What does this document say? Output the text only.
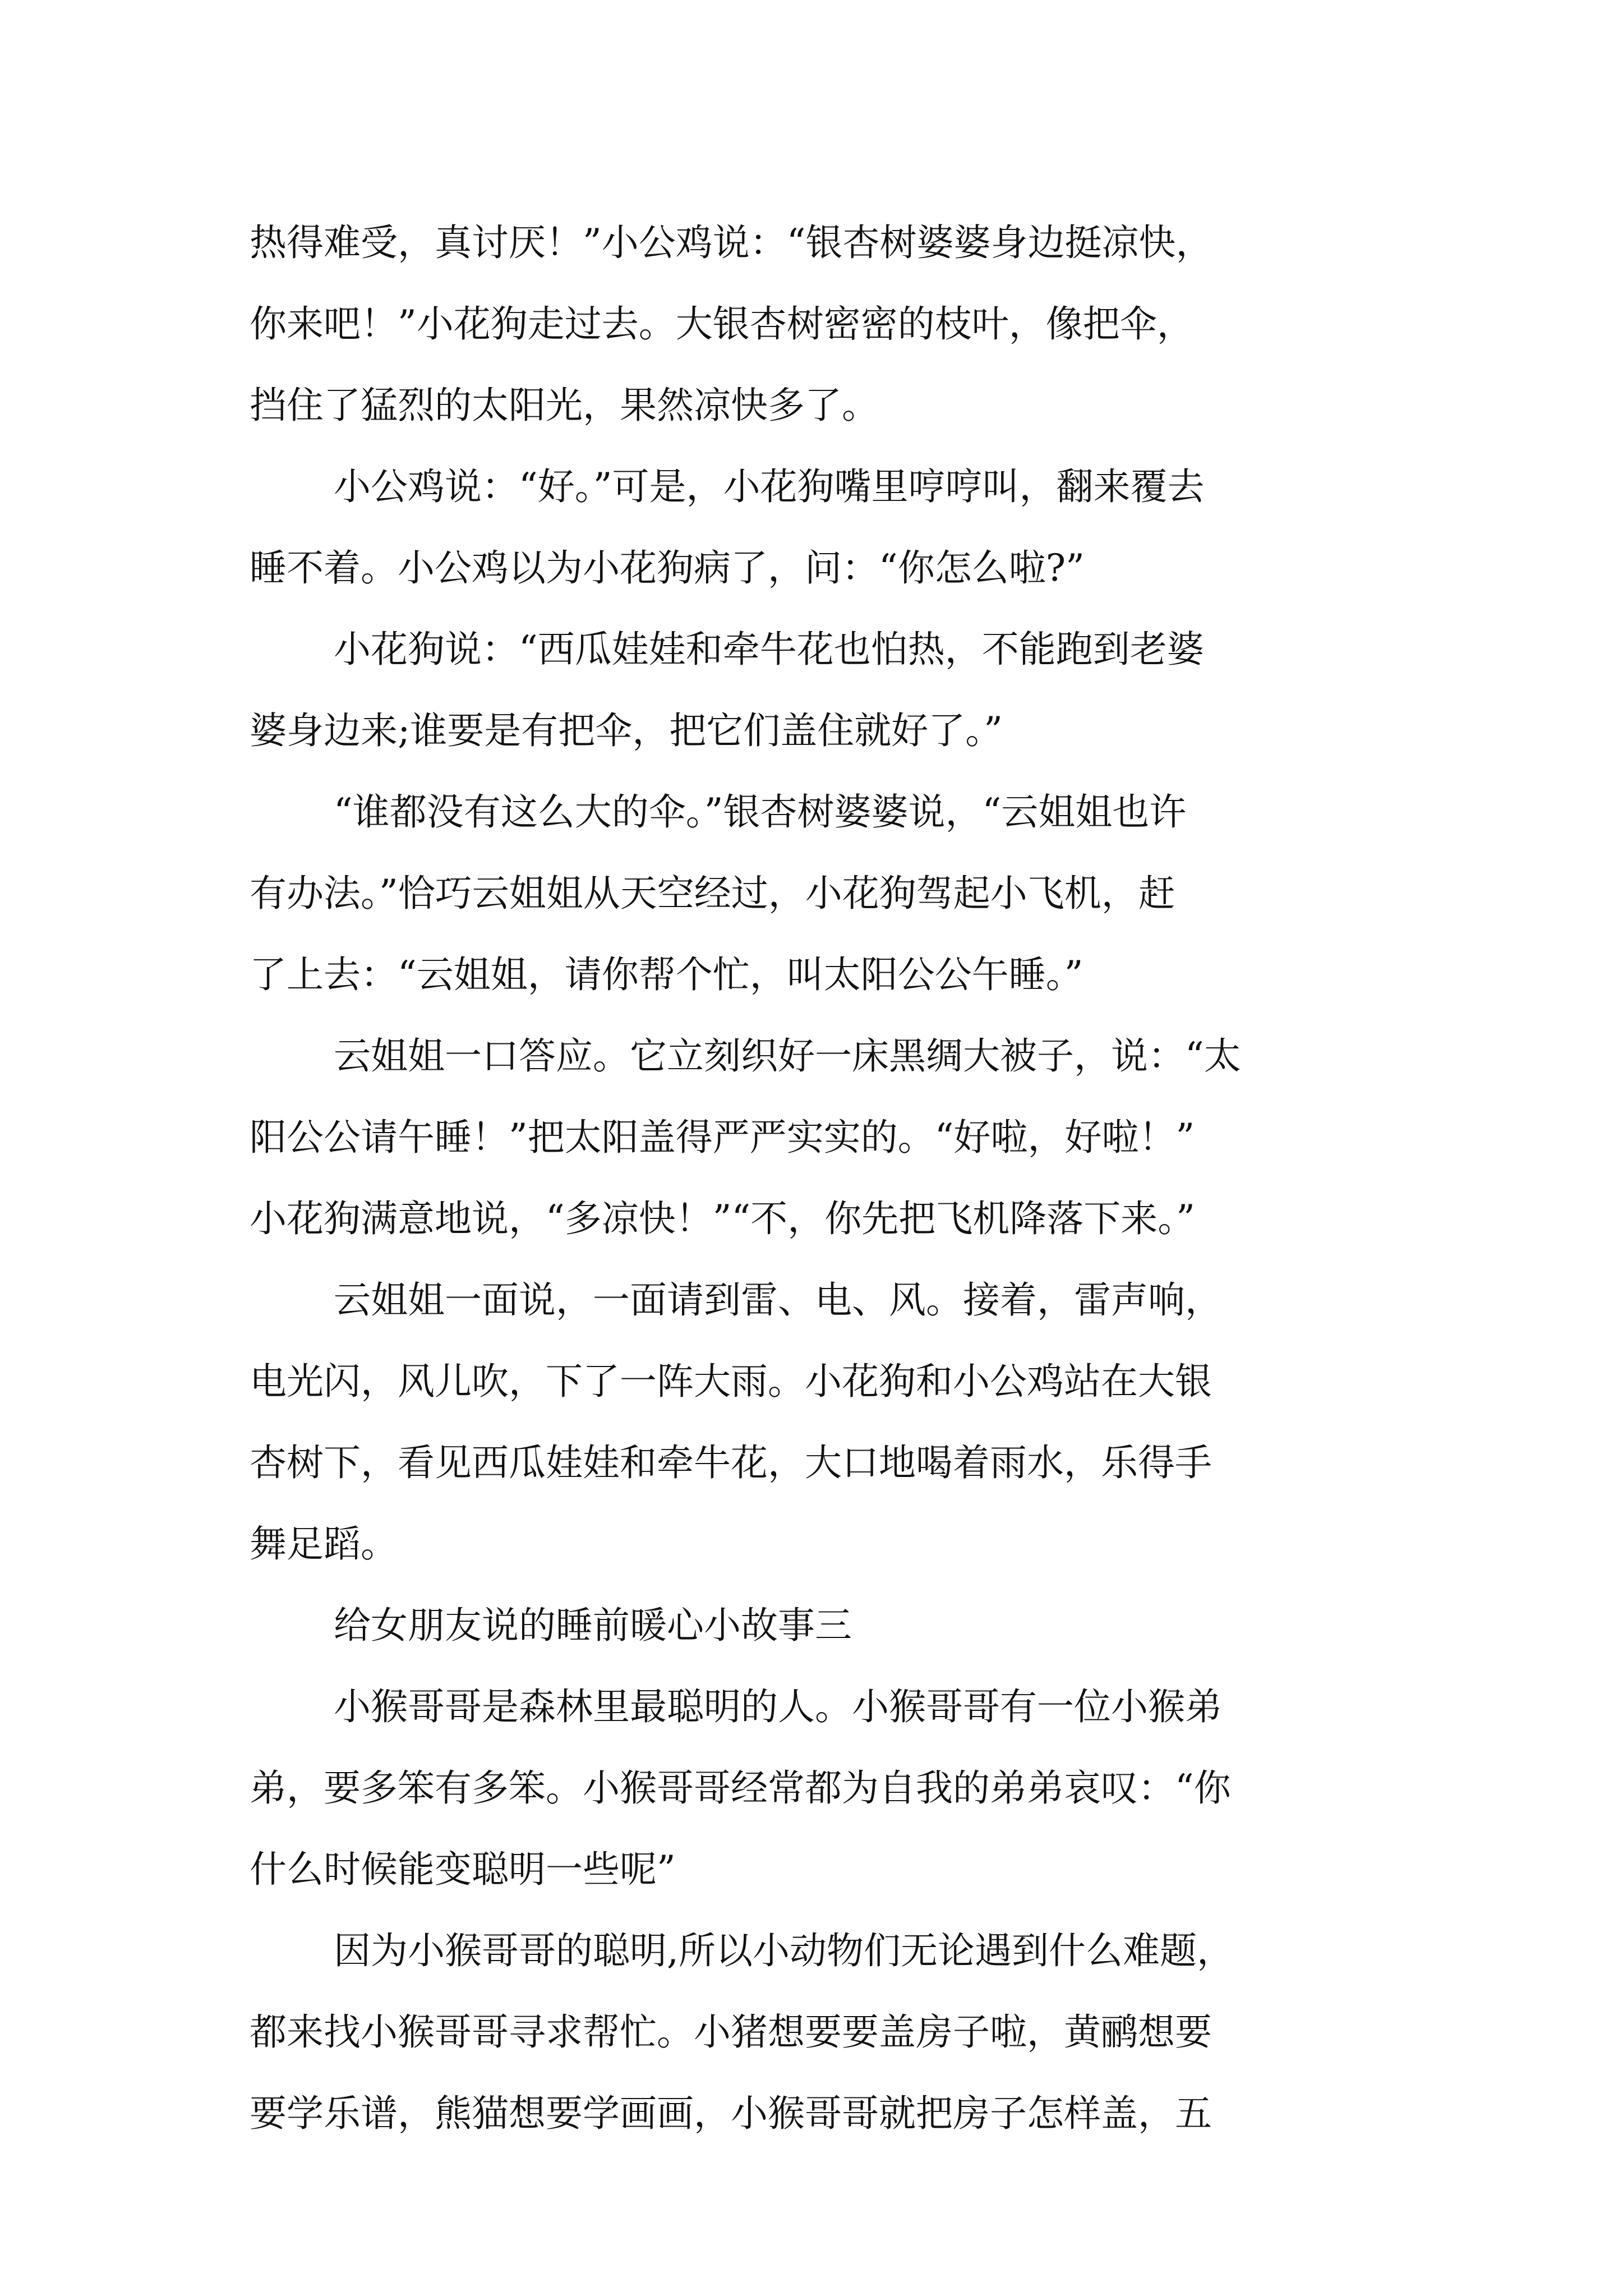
热得难受，真讨厌！”小公鸡说：“银杏树婆婆身边挺凉快，
你来吧！”小花狗走过去。大银杏树密密的枝叶，像把伞，
挡住了猛烈的太阳光，果然凉快多了。
小公鸡说：“好。”可是，小花狗嘴里哼哼叫，翻来覆去
睡不着。小公鸡以为小花狗病了，问：“你怎么啦?”
小花狗说：“西瓜娃娃和牵牛花也怕热，不能跑到老婆
婆身边来;谁要是有把伞，把它们盖住就好了。”
“谁都没有这么大的伞。”银杏树婆婆说，“云姐姐也许
有办法。”恰巧云姐姐从天空经过，小花狗驾起小飞机，赶
了上去：“云姐姐，请你帮个忙，叫太阳公公午睡。”
云姐姐一口答应。它立刻织好一床黑绸大被子，说：“太
阳公公请午睡！”把太阳盖得严严实实的。“好啦，好啦！”
小花狗满意地说，“多凉快！”“不，你先把飞机降落下来。”
云姐姐一面说，一面请到雷、电、风。接着，雷声响，
电光闪，风儿吹，下了一阵大雨。小花狗和小公鸡站在大银
杏树下，看见西瓜娃娃和牵牛花，大口地喝着雨水，乐得手
舞足蹈。
给女朋友说的睡前暖心小故事三
小猴哥哥是森林里最聪明的人。小猴哥哥有一位小猴弟
弟，要多笨有多笨。小猴哥哥经常都为自我的弟弟哀叹：“你
什么时候能变聪明一些呢”
因为小猴哥哥的聪明,所以小动物们无论遇到什么难题，
都来找小猴哥哥寻求帮忙。小猪想要要盖房子啦，黄鹂想要
要学乐谱，熊猫想要学画画，小猴哥哥就把房子怎样盖，五
